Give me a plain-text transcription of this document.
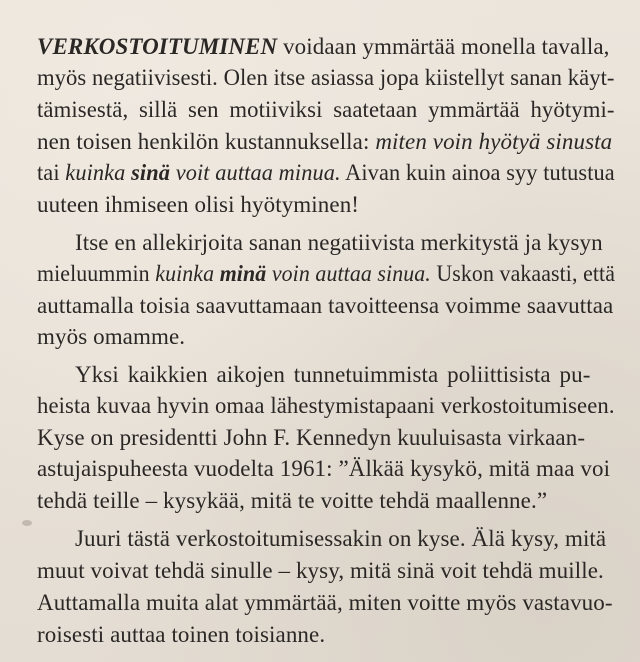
VERKOSTOITUMINEN voidaan ymmärtää monella tavalla,
myös negatiivisesti. Olen itse asiassa jopa kiistellyt sanan käyt-
tämisestä, sillä sen motiiviksi saatetaan ymmärtää hyötymi-
nen toisen henkilön kustannuksella: miten voin hyötyä sinusta
tai kuinka sinä voit auttaa minua. Aivan kuin ainoa syy tutustua
uuteen ihmiseen olisi hyötyminen!
Itse en allekirjoita sanan negatiivista merkitystä ja kysyn
mieluummin kuinka minä voin auttaa sinua. Uskon vakaasti, että
auttamalla toisia saavuttamaan tavoitteensa voimme saavuttaa
myös omamme.
Yksi kaikkien aikojen tunnetuimmista poliittisista pu-
heista kuvaa hyvin omaa lähestymistapaani verkostoitumiseen.
Kyse on presidentti John F. Kennedyn kuuluisasta virkaan-
astujaispuheesta vuodelta 1961: ”Älkää kysykö, mitä maa voi
tehdä teille – kysykää, mitä te voitte tehdä maallenne.”
Juuri tästä verkostoitumisessakin on kyse. Älä kysy, mitä
muut voivat tehdä sinulle – kysy, mitä sinä voit tehdä muille.
Auttamalla muita alat ymmärtää, miten voitte myös vastavuo-
roisesti auttaa toinen toisianne.
